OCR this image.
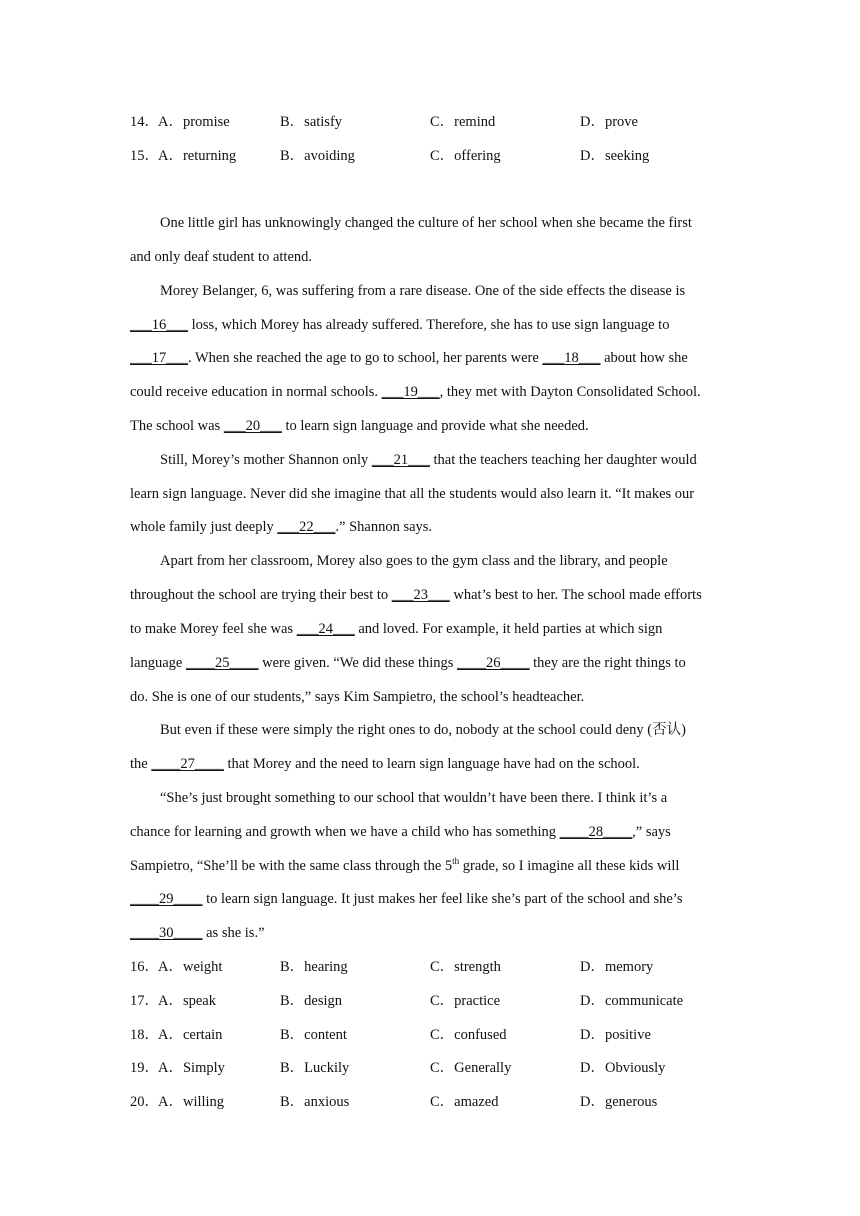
14． A．promise	B．satisfy	C．remind	D．prove
15． A．returning	B．avoiding	C．offering	D．seeking
One little girl has unknowingly changed the culture of her school when she became the first
and only deaf student to attend.
Morey Belanger, 6, was suffering from a rare disease. One of the side effects the disease is
___16___ loss, which Morey has already suffered. Therefore, she has to use sign language to
___17___. When she reached the age to go to school, her parents were ___18___ about how she
could receive education in normal schools. ___19___, they met with Dayton Consolidated School.
The school was ___20___ to learn sign language and provide what she needed.
Still, Morey’s mother Shannon only ___21___ that the teachers teaching her daughter would
learn sign language. Never did she imagine that all the students would also learn it. “It makes our
whole family just deeply ___22___.” Shannon says.
Apart from her classroom, Morey also goes to the gym class and the library, and people
throughout the school are trying their best to ___23___ what’s best to her. The school made efforts
to make Morey feel she was ___24___ and loved. For example, it held parties at which sign
language ____25____ were given. “We did these things ____26____ they are the right things to
do. She is one of our students,” says Kim Sampietro, the school’s headteacher.
But even if these were simply the right ones to do, nobody at the school could deny (否认)
the ____27____ that Morey and the need to learn sign language have had on the school.
“She’s just brought something to our school that wouldn’t have been there. I think it’s a
chance for learning and growth when we have a child who has something ____28____,” says
Sampietro, “She’ll be with the same class through the 5th grade, so I imagine all these kids will
____29____ to learn sign language. It just makes her feel like she’s part of the school and she’s
____30____ as she is.”
16． A．weight	B．hearing	C．strength	D．memory
17． A．speak	B．design	C．practice	D．communicate
18． A．certain	B．content	C．confused	D．positive
19． A．Simply	B．Luckily	C．Generally	D．Obviously
20． A．willing	B．anxious	C．amazed	D．generous
